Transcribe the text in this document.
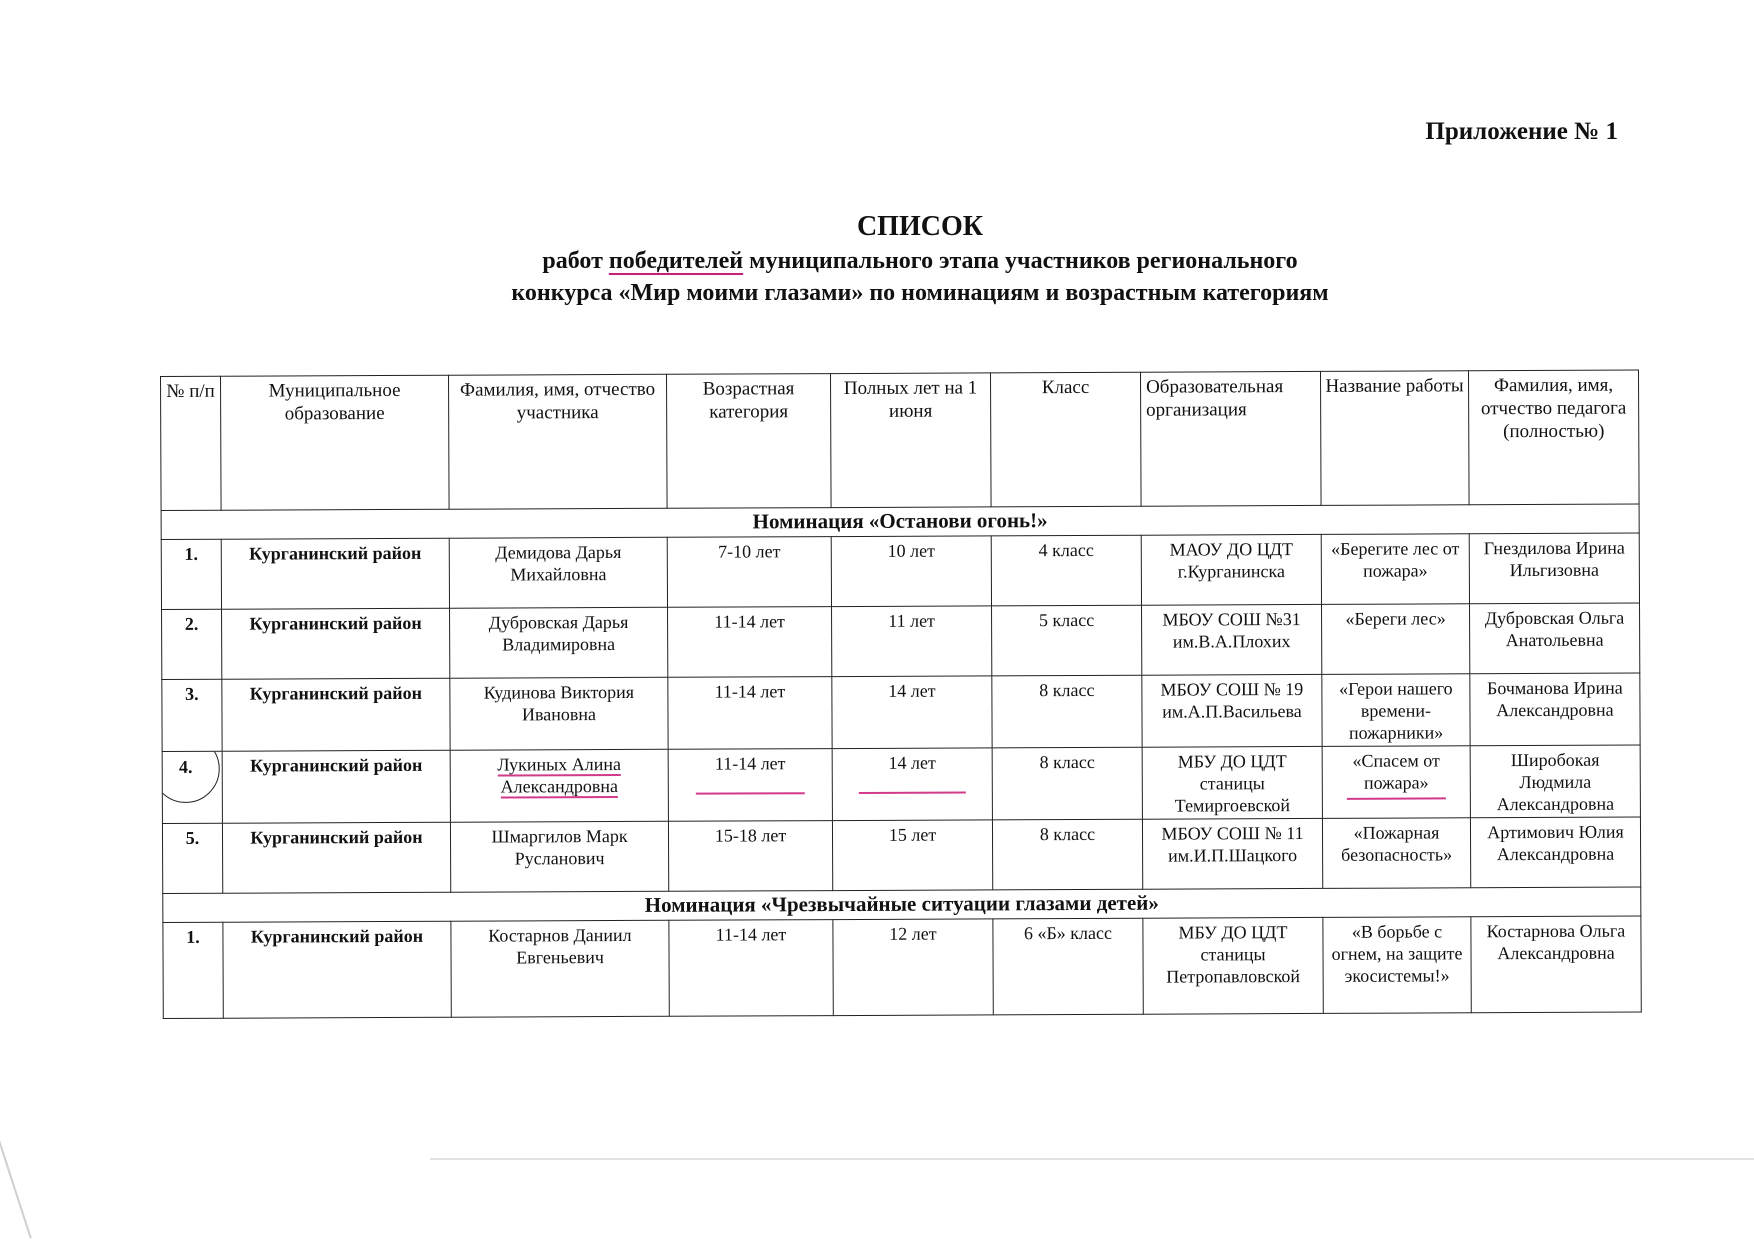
Приложение № 1
СПИСОК
работ победителей муниципального этапа участников регионального
конкурса «Мир моими глазами» по номинациям и возрастным категориям
№ п/п	Муниципальное образование	Фамилия, имя, отчество участника	Возрастная категория	Полных лет на 1 июня	Класс	Образовательная организация	Название работы	Фамилия, имя, отчество педагога (полностью)
Номинация «Останови огонь!»								
1.	Курганинский район	Демидова Дарья Михайловна	7-10 лет	10 лет	4 класс	МАОУ ДО ЦДТ г.Курганинска	«Берегите лес от пожара»	Гнездилова Ирина Ильгизовна
2.	Курганинский район	Дубровская Дарья Владимировна	11-14 лет	11 лет	5 класс	МБОУ СОШ №31 им.В.А.Плохих	«Береги лес»	Дубровская Ольга Анатольевна
3.	Курганинский район	Кудинова Виктория Ивановна	11-14 лет	14 лет	8 класс	МБОУ СОШ № 19 им.А.П.Васильева	«Герои нашего времени-пожарники»	Бочманова Ирина Александровна
4.	Курганинский район	Лукиных Алина Александровна	11-14 лет	14 лет	8 класс	МБУ ДО ЦДТ станицы Темиргоевской	«Спасем от пожара»	Широбокая Людмила Александровна
5.	Курганинский район	Шмаргилов Марк Русланович	15-18 лет	15 лет	8 класс	МБОУ СОШ № 11 им.И.П.Шацкого	«Пожарная безопасность»	Артимович Юлия Александровна
Номинация «Чрезвычайные ситуации глазами детей»								
1.	Курганинский район	Костарнов Даниил Евгеньевич	11-14 лет	12 лет	6 «Б» класс	МБУ ДО ЦДТ станицы Петропавловской	«В борьбе с огнем, на защите экосистемы!»	Костарнова Ольга Александровна
